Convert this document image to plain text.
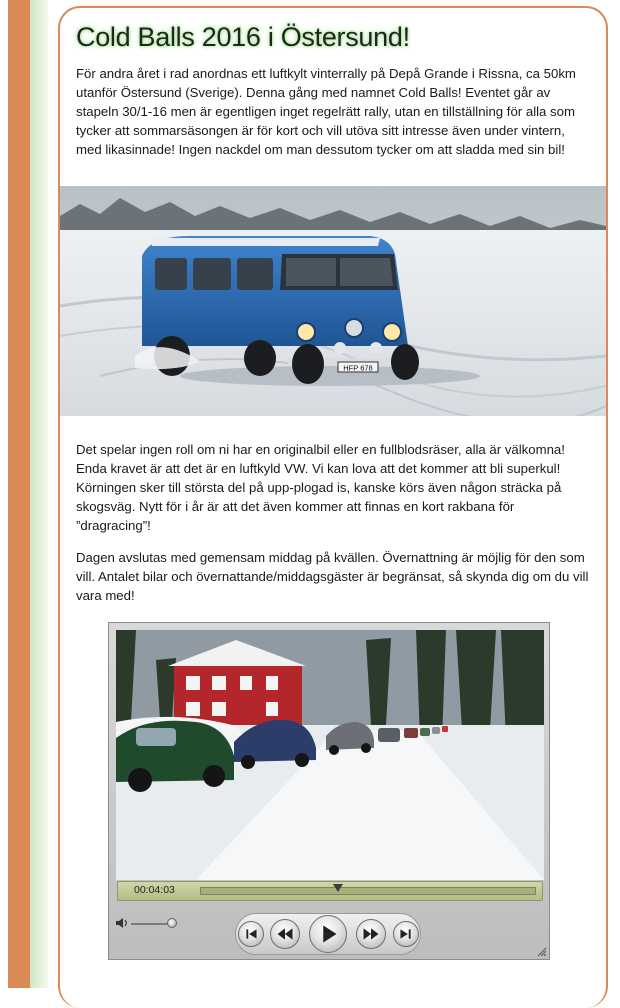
Cold Balls 2016 i Östersund!

För andra året i rad anordnas ett luftkylt vinterrally på Depå Grande i Rissna, ca 50km utanför Östersund (Sverige). Denna gång med namnet Cold Balls! Eventet går av stapeln 30/1-16 men är egentligen inget regelrätt rally, utan en tillställning för alla som tycker att sommarsäsongen är för kort och vill utöva sitt intresse även under vintern, med likasinnade! Ingen nackdel om man dessutom tycker om att sladda med sin bil!

HFP 678

Det spelar ingen roll om ni har en originalbil eller en fullblodsräser, alla är välkomna! Enda kravet är att det är en luftkyld VW. Vi kan lova att det kommer att bli superkul! Körningen sker till största del på upp-plogad is, kanske körs även någon sträcka på skogsväg. Nytt för i år är att det även kommer att finnas en kort rakbana för ”dragracing”!

Dagen avslutas med gemensam middag på kvällen. Övernattning är möjlig för den som vill. Antalet bilar och övernattande/middagsgäster är begränsat, så skynda dig om du vill vara med!

00:04:03
